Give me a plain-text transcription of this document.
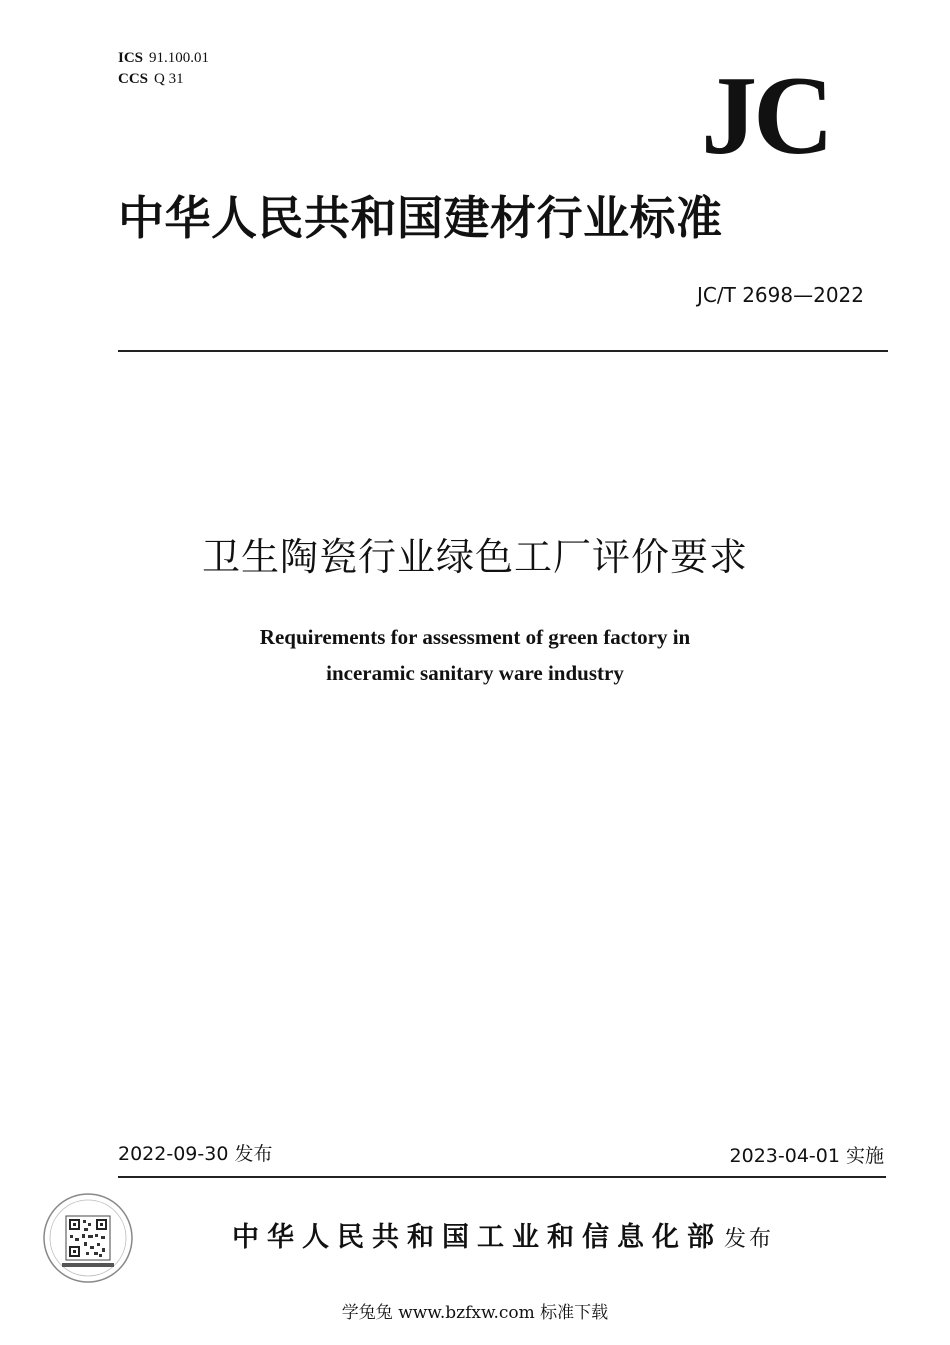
ICS 91.100.01
CCS Q 31	JC
中华人民共和国建材行业标准
JC/T 2698—2022
卫生陶瓷行业绿色工厂评价要求
Requirements for assessment of green factory in
inceramic sanitary ware industry
2022-09-30 发布	2023-04-01 实施
中华人民共和国工业和信息化部 发布
学兔兔 www.bzfxw.com 标准下载
